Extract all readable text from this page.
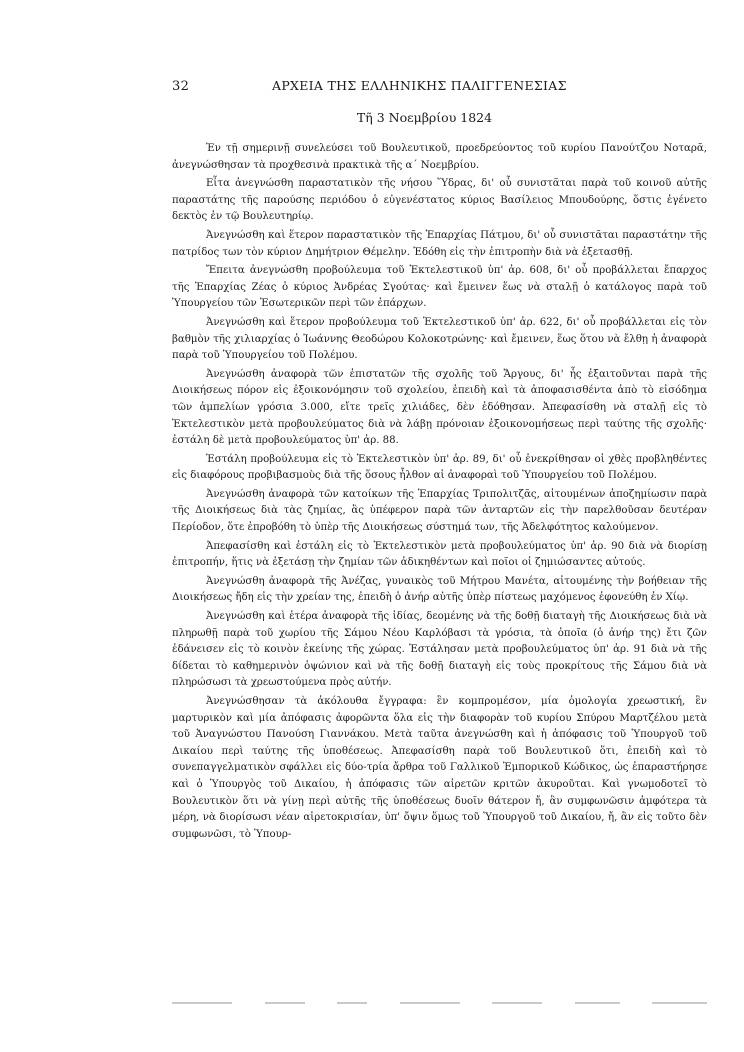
32	ΑΡΧΕΙΑ ΤΗΣ ΕΛΛΗΝΙΚΗΣ ΠΑΛΙΓΓΕΝΕΣΙΑΣ
Τῆ 3 Νοεμβρίου 1824

Ἐν τῇ σημερινῇ συνελεύσει τοῦ Βουλευτικοῦ, προεδρεύοντος τοῦ κυρίου Πανούτζου Νοταρᾶ, ἀνεγνώσθησαν τὰ προχθεσινὰ πρακτικὰ τῆς α΄ Νοεμβρίου.

Εἶτα ἀνεγνώσθη παραστατικὸν τῆς νήσου Ὕδρας, δι' οὗ συνιστᾶται παρὰ τοῦ κοινοῦ αὐτῆς παραστάτης τῆς παρούσης περιόδου ὁ εὐγενέστατος κύριος Βασίλειος Μπουδούρης, ὅστις ἐγένετο δεκτὸς ἐν τῷ Βουλευτηρίῳ.

Ἀνεγνώσθη καὶ ἕτερον παραστατικὸν τῆς Ἐπαρχίας Πάτμου, δι' οὗ συνιστᾶται παραστάτην τῆς πατρίδος των τὸν κύριον Δημήτριον Θέμελην. Ἐδόθη εἰς τὴν ἐπιτροπὴν διὰ νὰ ἐξετασθῇ.

Ἔπειτα ἀνεγνώσθη προβούλευμα τοῦ Ἐκτελεστικοῦ ὑπ' ἀρ. 608, δι' οὗ προβάλλεται ἔπαρχος τῆς Ἐπαρχίας Ζέας ὁ κύριος Ἀνδρέας Σγούτας· καὶ ἔμεινεν ἕως νὰ σταλῇ ὁ κατάλογος παρὰ τοῦ Ὑπουργείου τῶν Ἐσωτερικῶν περὶ τῶν ἐπάρχων.

Ἀνεγνώσθη καὶ ἕτερον προβούλευμα τοῦ Ἐκτελεστικοῦ ὑπ' ἀρ. 622, δι' οὗ προβάλλεται εἰς τὸν βαθμὸν τῆς χιλιαρχίας ὁ Ἰωάννης Θεοδώρου Κολοκοτρώνης· καὶ ἔμεινεν, ἕως ὅτου νὰ ἔλθῃ ἡ ἀναφορὰ παρὰ τοῦ Ὑπουργείου τοῦ Πολέμου.

Ἀνεγνώσθη ἀναφορὰ τῶν ἐπιστατῶν τῆς σχολῆς τοῦ Ἄργους, δι' ἧς ἐξαιτοῦνται παρὰ τῆς Διοικήσεως πόρον εἰς ἐξοικονόμησιν τοῦ σχολείου, ἐπειδὴ καὶ τὰ ἀποφασισθέντα ἀπὸ τὸ εἰσόδημα τῶν ἀμπελίων γρόσια 3.000, εἴτε τρεῖς χιλιάδες, δὲν ἐδόθησαν. Ἀπεφασίσθη νὰ σταλῇ εἰς τὸ Ἐκτελεστικὸν μετὰ προβουλεύματος διὰ νὰ λάβῃ πρόνοιαν ἐξοικονομήσεως περὶ ταύτης τῆς σχολῆς· ἐστάλη δὲ μετὰ προβουλεύματος ὑπ' ἀρ. 88.

Ἐστάλη προβούλευμα εἰς τὸ Ἐκτελεστικὸν ὑπ' ἀρ. 89, δι' οὗ ἐνεκρίθησαν οἱ χθὲς προβληθέντες εἰς διαφόρους προβιβασμοὺς διὰ τῆς ὅσους ἦλθον αἱ ἀναφοραὶ τοῦ Ὑπουργείου τοῦ Πολέμου.

Ἀνεγνώσθη ἀναφορὰ τῶν κατοίκων τῆς Ἐπαρχίας Τριπολιτζᾶς, αἰτουμένων ἀποζημίωσιν παρὰ τῆς Διοικήσεως διὰ τὰς ζημίας, ἃς ὑπέφερον παρὰ τῶν ἀνταρτῶν εἰς τὴν παρελθοῦσαν δευτέραν Περίοδον, ὅτε ἐπροβόθη τὸ ὑπὲρ τῆς Διοικήσεως σύστημά των, τῆς Ἀδελφότητος καλούμενον.

Ἀπεφασίσθη καὶ ἐστάλη εἰς τὸ Ἐκτελεστικὸν μετὰ προβουλεύματος ὑπ' ἀρ. 90 διὰ νὰ διορίσῃ ἐπιτροπήν, ἥτις νὰ ἐξετάσῃ τὴν ζημίαν τῶν ἀδικηθέντων καὶ ποῖοι οἱ ζημιώσαντες αὐτούς.

Ἀνεγνώσθη ἀναφορὰ τῆς Ἀνέζας, γυναικὸς τοῦ Μήτρου Μανέτα, αἰτουμένης τὴν βοήθειαν τῆς Διοικήσεως ἤδη εἰς τὴν χρείαν της, ἐπειδὴ ὁ ἀνήρ αὐτῆς ὑπὲρ πίστεως μαχόμενος ἐφονεύθη ἐν Χίῳ.

Ἀνεγνώσθη καὶ ἑτέρα ἀναφορὰ τῆς ἰδίας, δεομένης νὰ τῆς δοθῇ διαταγὴ τῆς Διοικήσεως διὰ νὰ πληρωθῇ παρὰ τοῦ χωρίου τῆς Σάμου Νέου Καρλόβασι τὰ γρόσια, τὰ ὁποῖα (ὁ ἀνήρ της) ἔτι ζῶν ἐδάνεισεν εἰς τὸ κοινὸν ἐκείνης τῆς χώρας. Ἐστάλησαν μετὰ προβουλεύματος ὑπ' ἀρ. 91 διὰ νὰ τῆς δίδεται τὸ καθημερινὸν ὀψώνιον καὶ νὰ τῆς δοθῇ διαταγὴ εἰς τοὺς προκρίτους τῆς Σάμου διὰ νὰ πληρώσωσι τὰ χρεωστούμενα πρὸς αὐτήν.

Ἀνεγνώσθησαν τὰ ἀκόλουθα ἔγγραφα: ἓν κομπρομέσον, μία ὁμολογία χρεωστική, ἓν μαρτυρικὸν καὶ μία ἀπόφασις ἀφορῶντα ὅλα εἰς τὴν διαφορὰν τοῦ κυρίου Σπύρου Μαρτζέλου μετὰ τοῦ Ἀναγνώστου Πανούση Γιαννάκου. Μετὰ ταῦτα ἀνεγνώσθη καὶ ἡ ἀπόφασις τοῦ Ὑπουργοῦ τοῦ Δικαίου περὶ ταύτης τῆς ὑποθέσεως. Ἀπεφασίσθη παρὰ τοῦ Βουλευτικοῦ ὅτι, ἐπειδὴ καὶ τὸ συνεπαγγελματικὸν σφάλλει εἰς δύο-τρία ἄρθρα τοῦ Γαλλικοῦ Ἐμπορικοῦ Κώδικος, ὡς ἐπαραστήρησε καὶ ὁ Ὑπουργὸς τοῦ Δικαίου, ἡ ἀπόφασις τῶν αἱρετῶν κριτῶν ἀκυροῦται. Καὶ γνωμοδοτεῖ τὸ Βουλευτικὸν ὅτι νὰ γίνῃ περὶ αὐτῆς τῆς ὑποθέσεως δυοῖν θάτερον ἤ, ἂν συμφωνῶσιν ἀμφότερα τὰ μέρη, νὰ διορίσωσι νέαν αἱρετοκρισίαν, ὑπ' ὄψιν ὅμως τοῦ Ὑπουργοῦ τοῦ Δικαίου, ἤ, ἂν εἰς τοῦτο δὲν συμφωνῶσι, τὸ Ὑπουρ-
